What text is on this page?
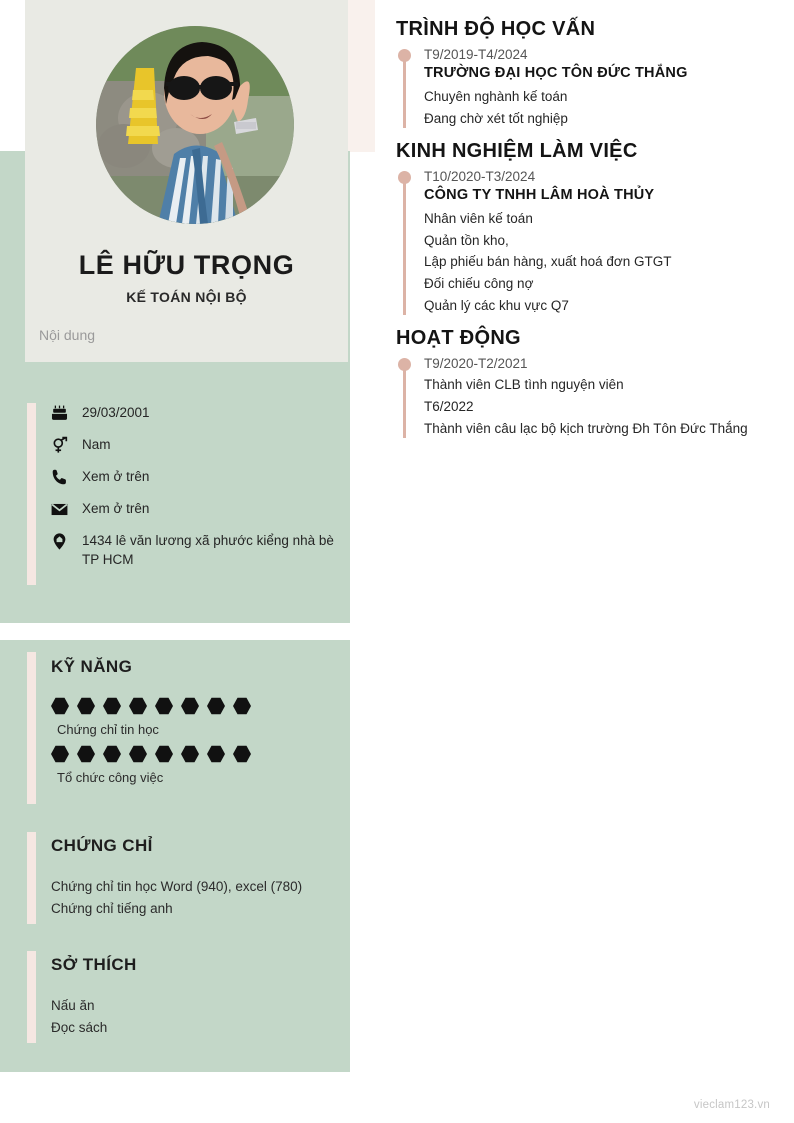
LÊ HỮU TRỌNG
KẾ TOÁN NỘI BỘ
Nội dung
29/03/2001
Nam
Xem ở trên
Xem ở trên
1434 lê văn lương xã phước kiểng nhà bè TP HCM
KỸ NĂNG
Chứng chỉ tin học
Tổ chức công việc
CHỨNG CHỈ
Chứng chỉ tin học Word (940), excel (780)
Chứng chỉ tiếng anh
SỞ THÍCH
Nấu ăn
Đọc sách
TRÌNH ĐỘ HỌC VẤN
T9/2019-T4/2024
TRƯỜNG ĐẠI HỌC TÔN ĐỨC THẮNG
Chuyên nghành kế toán
Đang chờ xét tốt nghiệp
KINH NGHIỆM LÀM VIỆC
T10/2020-T3/2024
CÔNG TY TNHH LÂM HOÀ THỦY
Nhân viên kế toán
Quản tồn kho,
Lập phiếu bán hàng, xuất hoá đơn GTGT
Đối chiếu công nợ
Quản lý các khu vực Q7
HOẠT ĐỘNG
T9/2020-T2/2021
Thành viên CLB tình nguyện viên
T6/2022
Thành viên câu lạc bộ kịch trường Đh Tôn Đức Thắng
vieclam123.vn
